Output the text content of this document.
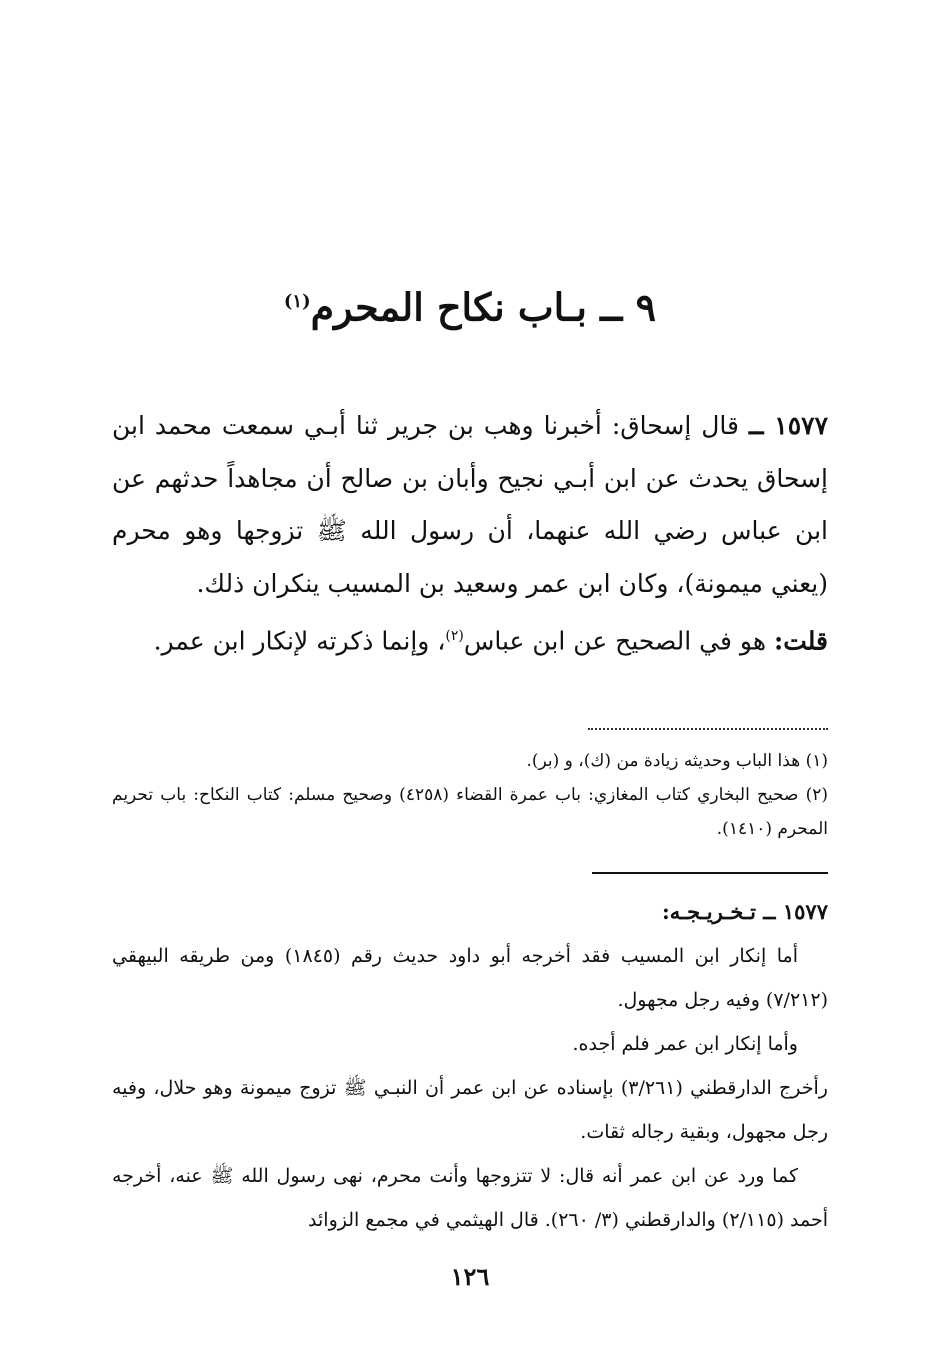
٩ ــ بـاب نكاح المحرم$^{(١)}$

١٥٧٧ ــ قال إسحاق: أخبرنا وهب بن جرير ثنا أبـي سمعت محمد ابن إسحاق يحدث عن ابن أبـي نجيح وأبان بن صالح أن مجاهداً حدثهم عن ابن عباس رضي الله عنهما، أن رسول الله ﷺ تزوجها وهو محرم (يعني ميمونة)، وكان ابن عمر وسعيد بن المسيب ينكران ذلك.

قلت: هو في الصحيح عن ابن عباس$^{(٢)}$، وإنما ذكرته لإنكار ابن عمر.

(١) هذا الباب وحديثه زيادة من (ك)، و (بر).

(٢) صحيح البخاري كتاب المغازي: باب عمرة القضاء (٤٢٥٨) وصحيح مسلم: كتاب النكاح: باب تحريم المحرم (١٤١٠).

١٥٧٧ ــ تـخـريـجـه:

أما إنكار ابن المسيب فقد أخرجه أبو داود حديث رقم (١٨٤٥) ومن طريقه البيهقي (٧/٢١٢) وفيه رجل مجهول.

وأما إنكار ابن عمر فلم أجده.

رأخرج الدارقطني (٣/٢٦١) بإسناده عن ابن عمر أن النبـي ﷺ تزوج ميمونة وهو حلال، وفيه رجل مجهول، وبقية رجاله ثقات.

كما ورد عن ابن عمر أنه قال: لا تتزوجها وأنت محرم، نهى رسول الله ﷺ عنه، أخرجه أحمد (٢/١١٥) والدارقطني (٣/ ٢٦٠). قال الهيثمي في مجمع الزوائد

١٢٦
